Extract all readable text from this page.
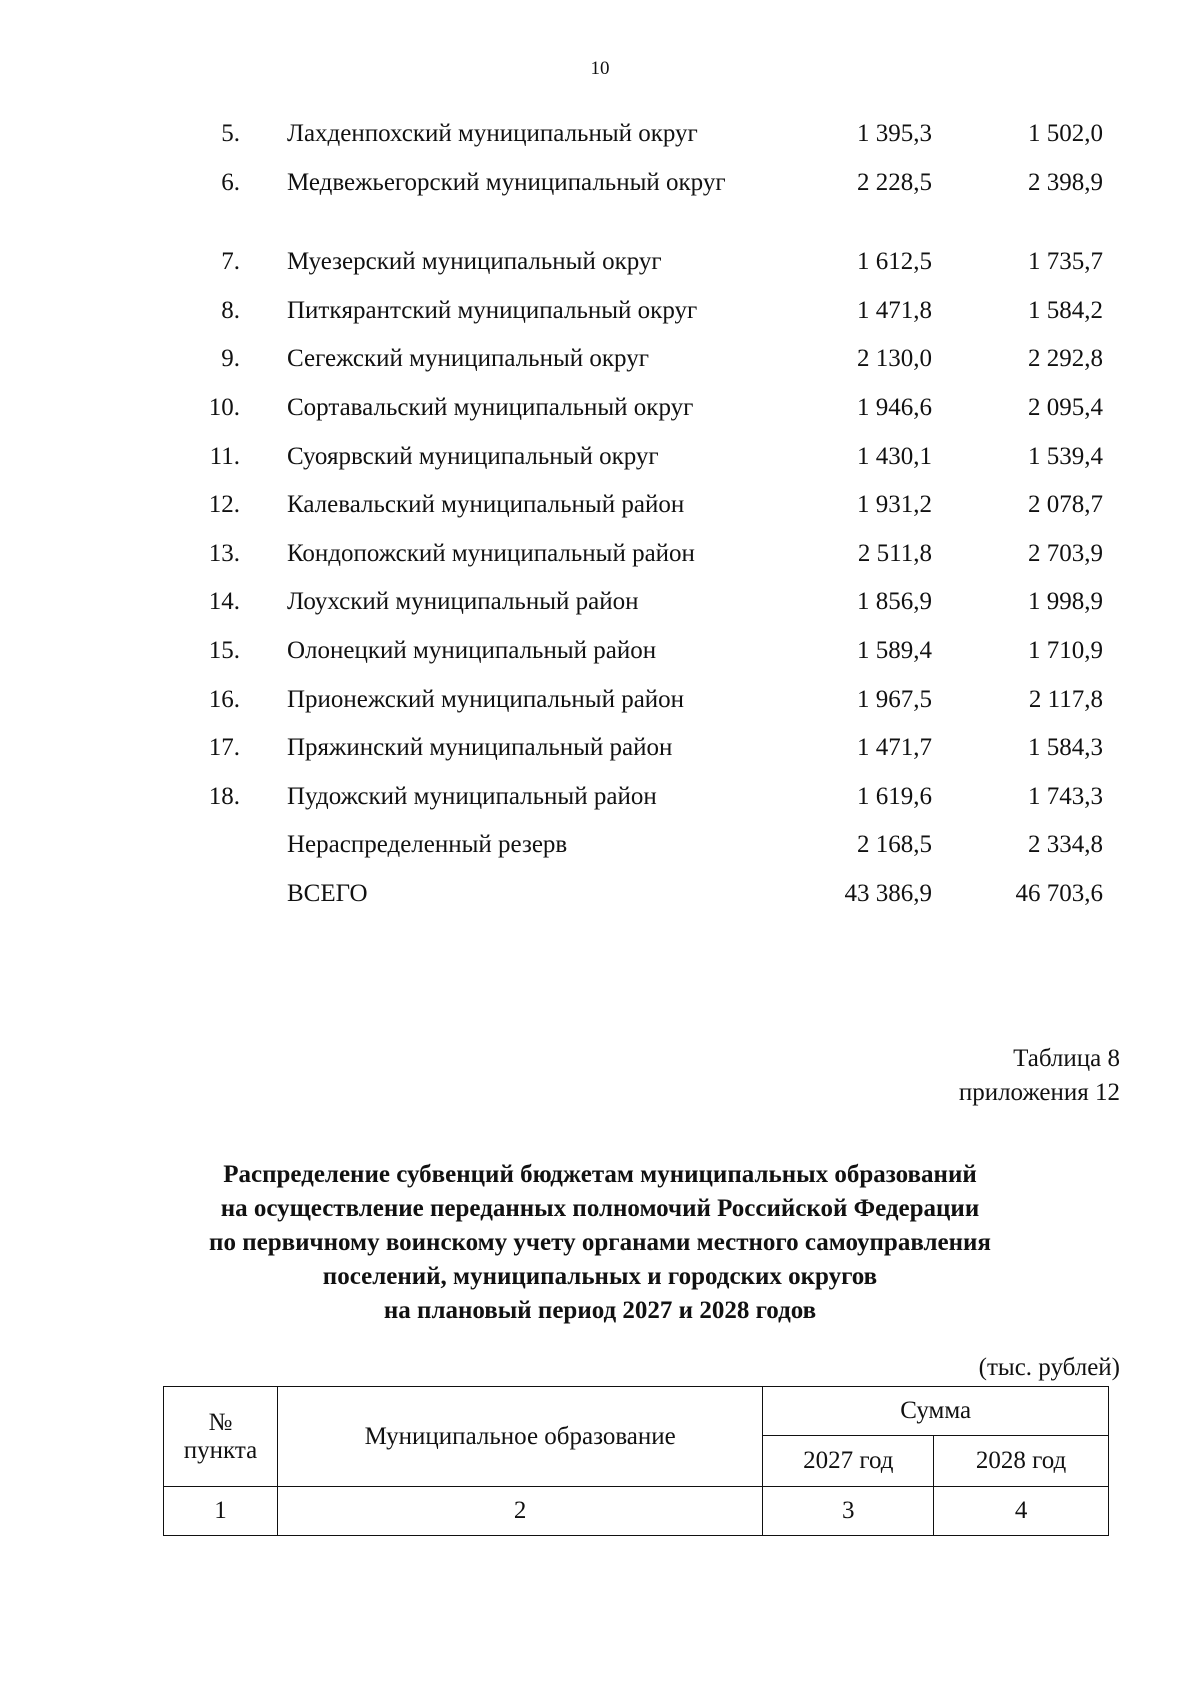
10
5. Лахденпохский муниципальный округ	1 395,3	1 502,0
6. Медвежьегорский муниципальный округ	2 228,5	2 398,9
7. Муезерский муниципальный округ	1 612,5	1 735,7
8. Питкярантский муниципальный округ	1 471,8	1 584,2
9. Сегежский муниципальный округ	2 130,0	2 292,8
10. Сортавальский муниципальный округ	1 946,6	2 095,4
11. Суоярвский муниципальный округ	1 430,1	1 539,4
12. Калевальский муниципальный район	1 931,2	2 078,7
13. Кондопожский муниципальный район	2 511,8	2 703,9
14. Лоухский муниципальный район	1 856,9	1 998,9
15. Олонецкий муниципальный район	1 589,4	1 710,9
16. Прионежский муниципальный район	1 967,5	2 117,8
17. Пряжинский муниципальный район	1 471,7	1 584,3
18. Пудожский муниципальный район	1 619,6	1 743,3
Нераспределенный резерв	2 168,5	2 334,8
ВСЕГО	43 386,9	46 703,6
Таблица 8
приложения 12
Распределение субвенций бюджетам муниципальных образований
на осуществление переданных полномочий Российской Федерации
по первичному воинскому учету органами местного самоуправления
поселений, муниципальных и городских округов
на плановый период 2027 и 2028 годов
(тыс. рублей)
№
пункта	Муниципальное образование	Сумма	
		2027 год	2028 год
1	2	3	4
